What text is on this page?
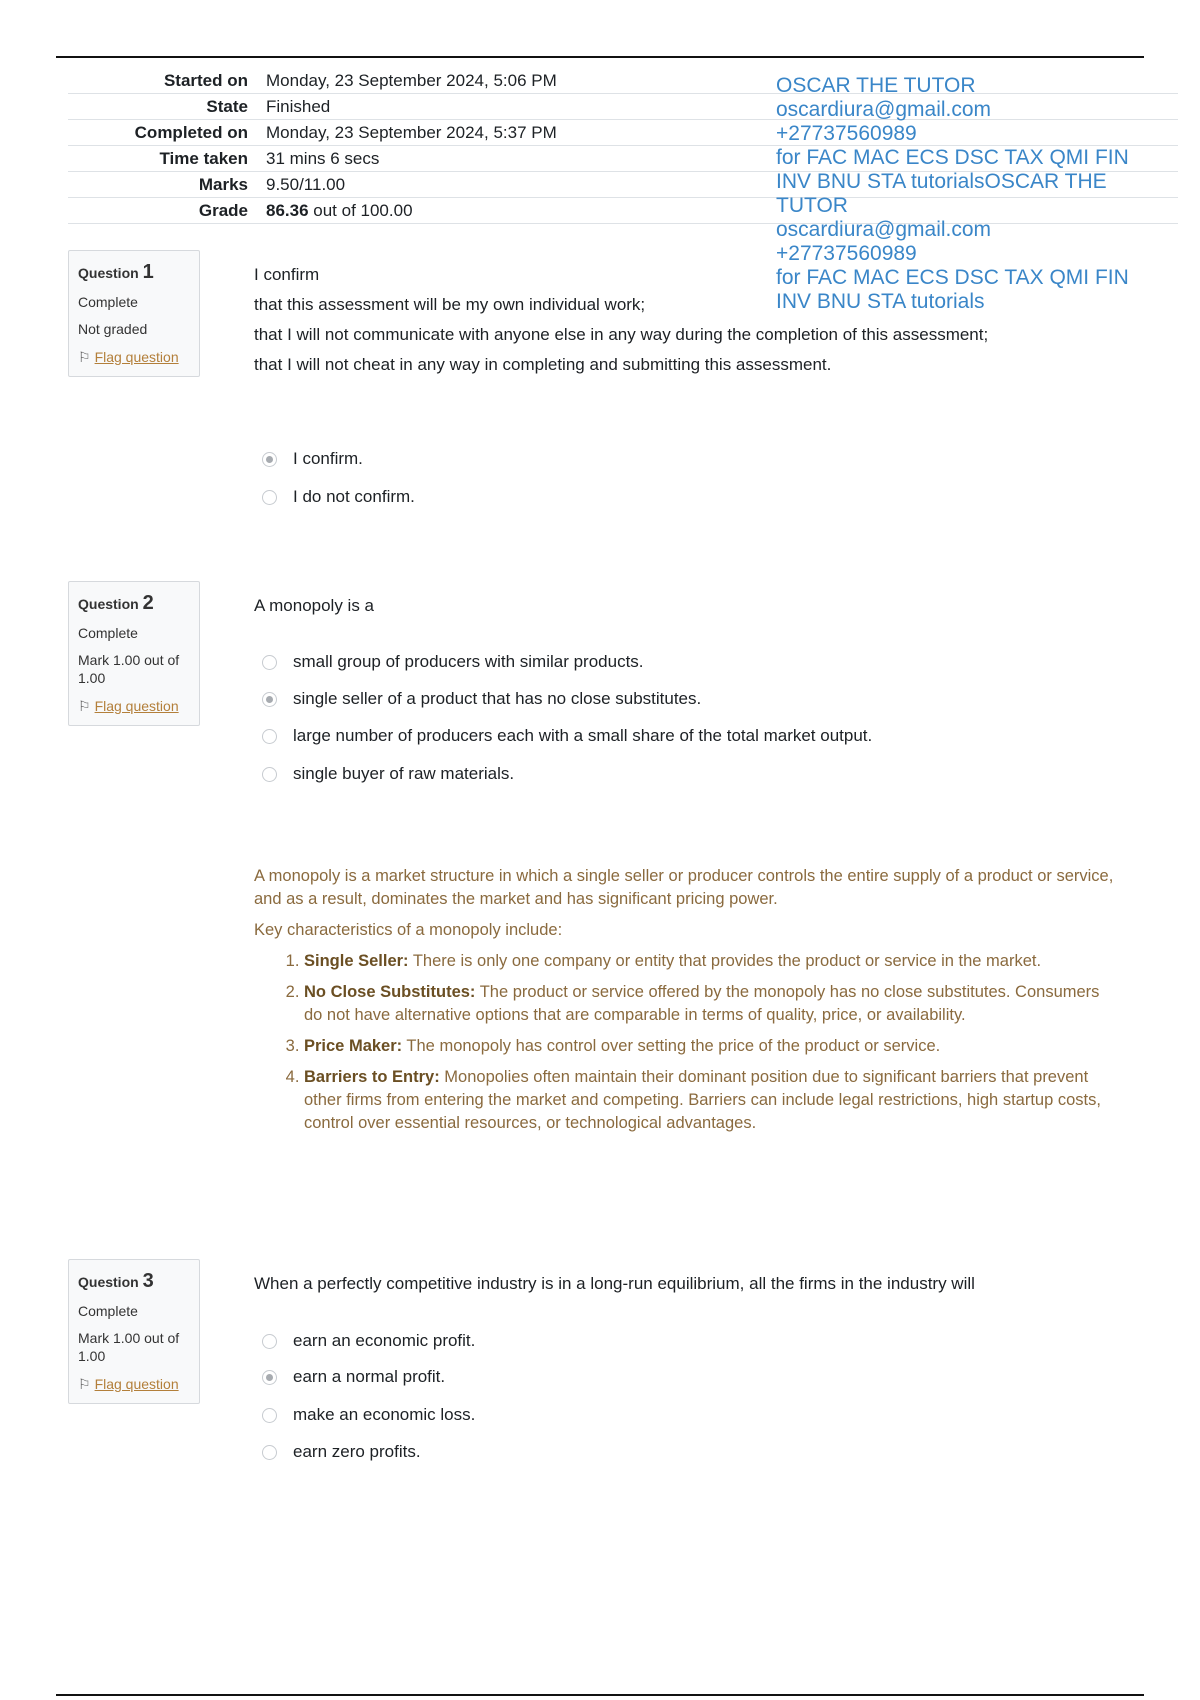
Started on	Monday, 23 September 2024, 5:06 PM
State	Finished
Completed on	Monday, 23 September 2024, 5:37 PM
Time taken	31 mins 6 secs
Marks	9.50/11.00
Grade	86.36 out of 100.00
OSCAR THE TUTOR
oscardiura@gmail.com
+27737560989
for FAC MAC ECS DSC TAX QMI FIN
INV BNU STA tutorialsOSCAR THE
TUTOR
oscardiura@gmail.com
+27737560989
for FAC MAC ECS DSC TAX QMI FIN
INV BNU STA tutorials
Question 1
Complete
Not graded
⚐ Flag question

I confirm

that this assessment will be my own individual work;

that I will not communicate with anyone else in any way during the completion of this assessment;

that I will not cheat in any way in completing and submitting this assessment.

I confirm.
I do not confirm.
Question 2
Complete
Mark 1.00 out of 1.00
⚐ Flag question

A monopoly is a

small group of producers with similar products.
single seller of a product that has no close substitutes.
large number of producers each with a small share of the total market output.
single buyer of raw materials.

A monopoly is a market structure in which a single seller or producer controls the entire supply of a product or service, and as a result, dominates the market and has significant pricing power.

Key characteristics of a monopoly include:

1. Single Seller: There is only one company or entity that provides the product or service in the market.
2. No Close Substitutes: The product or service offered by the monopoly has no close substitutes. Consumers do not have alternative options that are comparable in terms of quality, price, or availability.
3. Price Maker: The monopoly has control over setting the price of the product or service.
4. Barriers to Entry: Monopolies often maintain their dominant position due to significant barriers that prevent other firms from entering the market and competing. Barriers can include legal restrictions, high startup costs, control over essential resources, or technological advantages.
Question 3
Complete
Mark 1.00 out of 1.00
⚐ Flag question

When a perfectly competitive industry is in a long-run equilibrium, all the firms in the industry will

earn an economic profit.
earn a normal profit.
make an economic loss.
earn zero profits.
